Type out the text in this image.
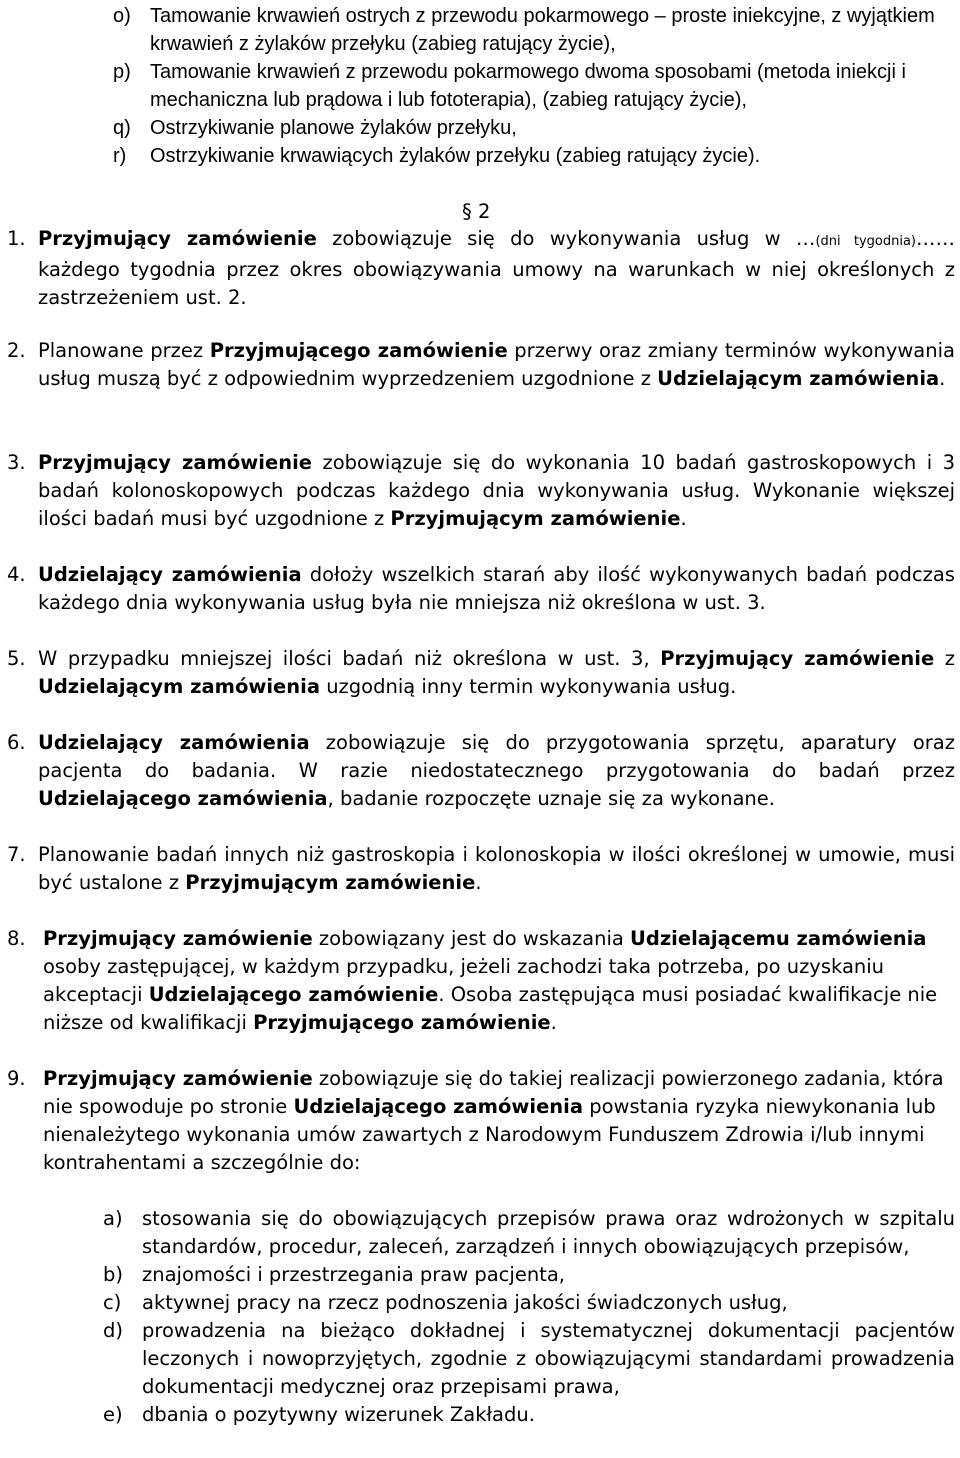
o) Tamowanie krwawień ostrych z przewodu pokarmowego – proste iniekcyjne, z wyjątkiem krwawień z żylaków przełyku (zabieg ratujący życie),
p) Tamowanie krwawień z przewodu pokarmowego dwoma sposobami (metoda iniekcji i mechaniczna lub prądowa i lub fototerapia), (zabieg ratujący życie),
q) Ostrzykiwanie planowe żylaków przełyku,
r)	Ostrzykiwanie krwawiących żylaków przełyku (zabieg ratujący życie).
§ 2
1. Przyjmujący zamówienie zobowiązuje się do wykonywania usług w …(dni tygodnia)…… każdego tygodnia przez okres obowiązywania umowy na warunkach w niej określonych z zastrzeżeniem ust. 2.
2. Planowane przez Przyjmującego zamówienie przerwy oraz zmiany terminów wykonywania usług muszą być z odpowiednim wyprzedzeniem uzgodnione z Udzielającym zamówienia.
3. Przyjmujący zamówienie zobowiązuje się do wykonania 10 badań gastroskopowych i 3 badań kolonoskopowych podczas każdego dnia wykonywania usług. Wykonanie większej ilości badań musi być uzgodnione z Przyjmującym zamówienie.
4. Udzielający zamówienia dołoży wszelkich starań aby ilość wykonywanych badań podczas każdego dnia wykonywania usług była nie mniejsza niż określona w ust. 3.
5. W przypadku mniejszej ilości badań niż określona w ust. 3, Przyjmujący zamówienie z Udzielającym zamówienia uzgodnią inny termin wykonywania usług.
6. Udzielający zamówienia zobowiązuje się do przygotowania sprzętu, aparatury oraz pacjenta do badania. W razie niedostatecznego przygotowania do badań przez Udzielającego zamówienia, badanie rozpoczęte uznaje się za wykonane.
7. Planowanie badań innych niż gastroskopia i kolonoskopia w ilości określonej w umowie, musi być ustalone z Przyjmującym zamówienie.
8. Przyjmujący zamówienie zobowiązany jest do wskazania Udzielającemu zamówienia osoby zastępującej, w każdym przypadku, jeżeli zachodzi taka potrzeba, po uzyskaniu akceptacji Udzielającego zamówienie. Osoba zastępująca musi posiadać kwalifikacje nie niższe od kwalifikacji Przyjmującego zamówienie.
9. Przyjmujący zamówienie zobowiązuje się do takiej realizacji powierzonego zadania, która nie spowoduje po stronie Udzielającego zamówienia powstania ryzyka niewykonania lub nienależytego wykonania umów zawartych z Narodowym Funduszem Zdrowia i/lub innymi kontrahentami a szczególnie do:
a) stosowania się do obowiązujących przepisów prawa oraz wdrożonych w szpitalu standardów, procedur, zaleceń, zarządzeń i innych obowiązujących przepisów,
b) znajomości i przestrzegania praw pacjenta,
c)	aktywnej pracy na rzecz podnoszenia jakości świadczonych usług,
d) prowadzenia na bieżąco dokładnej i systematycznej dokumentacji pacjentów leczonych i nowoprzyjętych, zgodnie z obowiązującymi standardami prowadzenia dokumentacji medycznej oraz przepisami prawa,
e) dbania o pozytywny wizerunek Zakładu.
